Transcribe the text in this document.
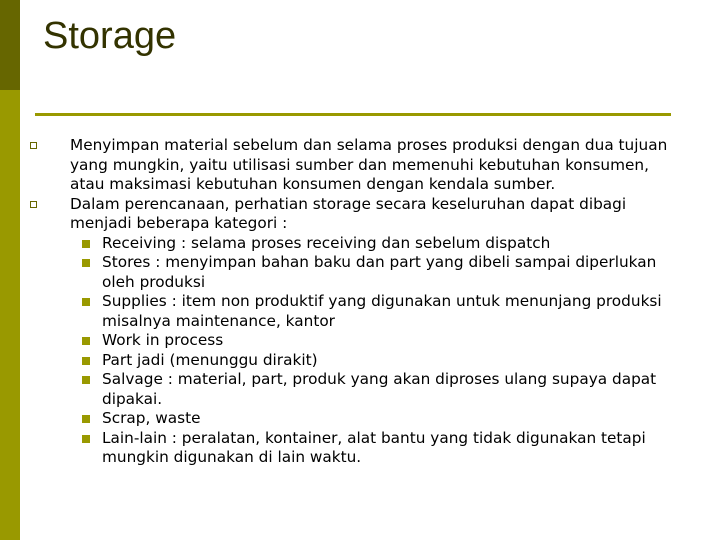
Storage
Menyimpan material sebelum dan selama proses produksi dengan dua tujuan yang mungkin, yaitu utilisasi sumber dan memenuhi kebutuhan konsumen, atau maksimasi kebutuhan konsumen dengan kendala sumber.
Dalam perencanaan, perhatian storage secara keseluruhan dapat dibagi menjadi beberapa kategori :
Receiving : selama proses receiving dan sebelum dispatch
Stores : menyimpan bahan baku dan part yang dibeli sampai diperlukan oleh produksi
Supplies : item non produktif yang digunakan untuk menunjang produksi misalnya maintenance, kantor
Work in process
Part jadi (menunggu dirakit)
Salvage : material, part, produk yang akan diproses ulang supaya dapat dipakai.
Scrap, waste
Lain-lain : peralatan, kontainer, alat bantu yang tidak digunakan tetapi mungkin digunakan di lain waktu.
